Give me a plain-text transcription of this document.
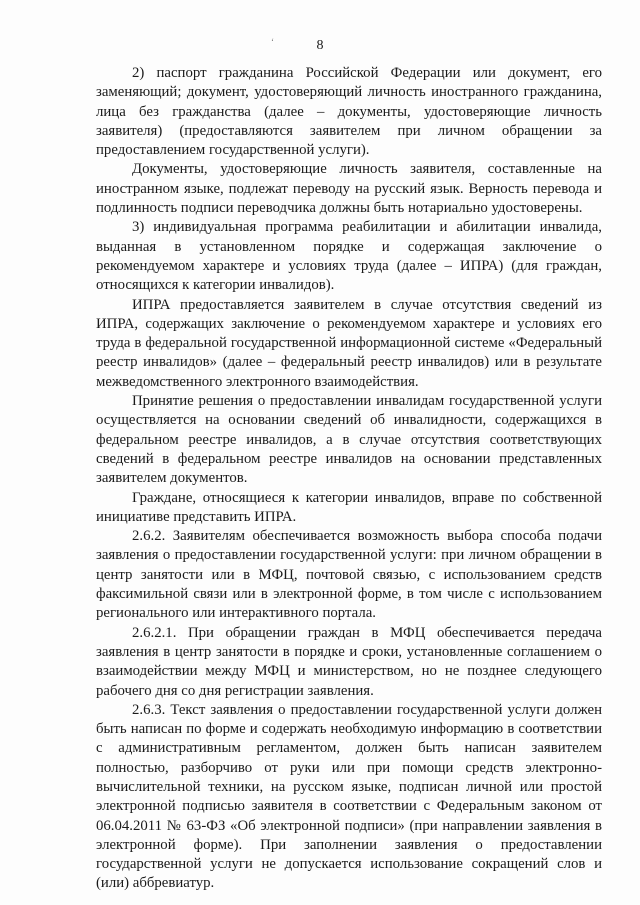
ʻ	8

2) паспорт гражданина Российской Федерации или документ, его заменяющий; документ, удостоверяющий личность иностранного гражданина, лица без гражданства (далее – документы, удостоверяющие личность заявителя) (предоставляются заявителем при личном обращении за предоставлением государственной услуги).

Документы, удостоверяющие личность заявителя, составленные на иностранном языке, подлежат переводу на русский язык. Верность перевода и подлинность подписи переводчика должны быть нотариально удостоверены.

3) индивидуальная программа реабилитации и абилитации инвалида, выданная в установленном порядке и содержащая заключение о рекомендуемом характере и условиях труда (далее – ИПРА) (для граждан, относящихся к категории инвалидов).

ИПРА предоставляется заявителем в случае отсутствия сведений из ИПРА, содержащих заключение о рекомендуемом характере и условиях его труда в федеральной государственной информационной системе «Федеральный реестр инвалидов» (далее – федеральный реестр инвалидов) или в результате межведомственного электронного взаимодействия.

Принятие решения о предоставлении инвалидам государственной услуги осуществляется на основании сведений об инвалидности, содержащихся в федеральном реестре инвалидов, а в случае отсутствия соответствующих сведений в федеральном реестре инвалидов на основании представленных заявителем документов.

Граждане, относящиеся к категории инвалидов, вправе по собственной инициативе представить ИПРА.

2.6.2. Заявителям обеспечивается возможность выбора способа подачи заявления о предоставлении государственной услуги: при личном обращении в центр занятости или в МФЦ, почтовой связью, с использованием средств факсимильной связи или в электронной форме, в том числе с использованием регионального или интерактивного портала.

2.6.2.1. При обращении граждан в МФЦ обеспечивается передача заявления в центр занятости в порядке и сроки, установленные соглашением о взаимодействии между МФЦ и министерством, но не позднее следующего рабочего дня со дня регистрации заявления.

2.6.3. Текст заявления о предоставлении государственной услуги должен быть написан по форме и содержать необходимую информацию в соответствии с административным регламентом, должен быть написан заявителем полностью, разборчиво от руки или при помощи средств электронно-вычислительной техники, на русском языке, подписан личной или простой электронной подписью заявителя в соответствии с Федеральным законом от 06.04.2011 № 63-ФЗ «Об электронной подписи» (при направлении заявления в электронной форме). При заполнении заявления о предоставлении государственной услуги не допускается использование сокращений слов и (или) аббревиатур.
